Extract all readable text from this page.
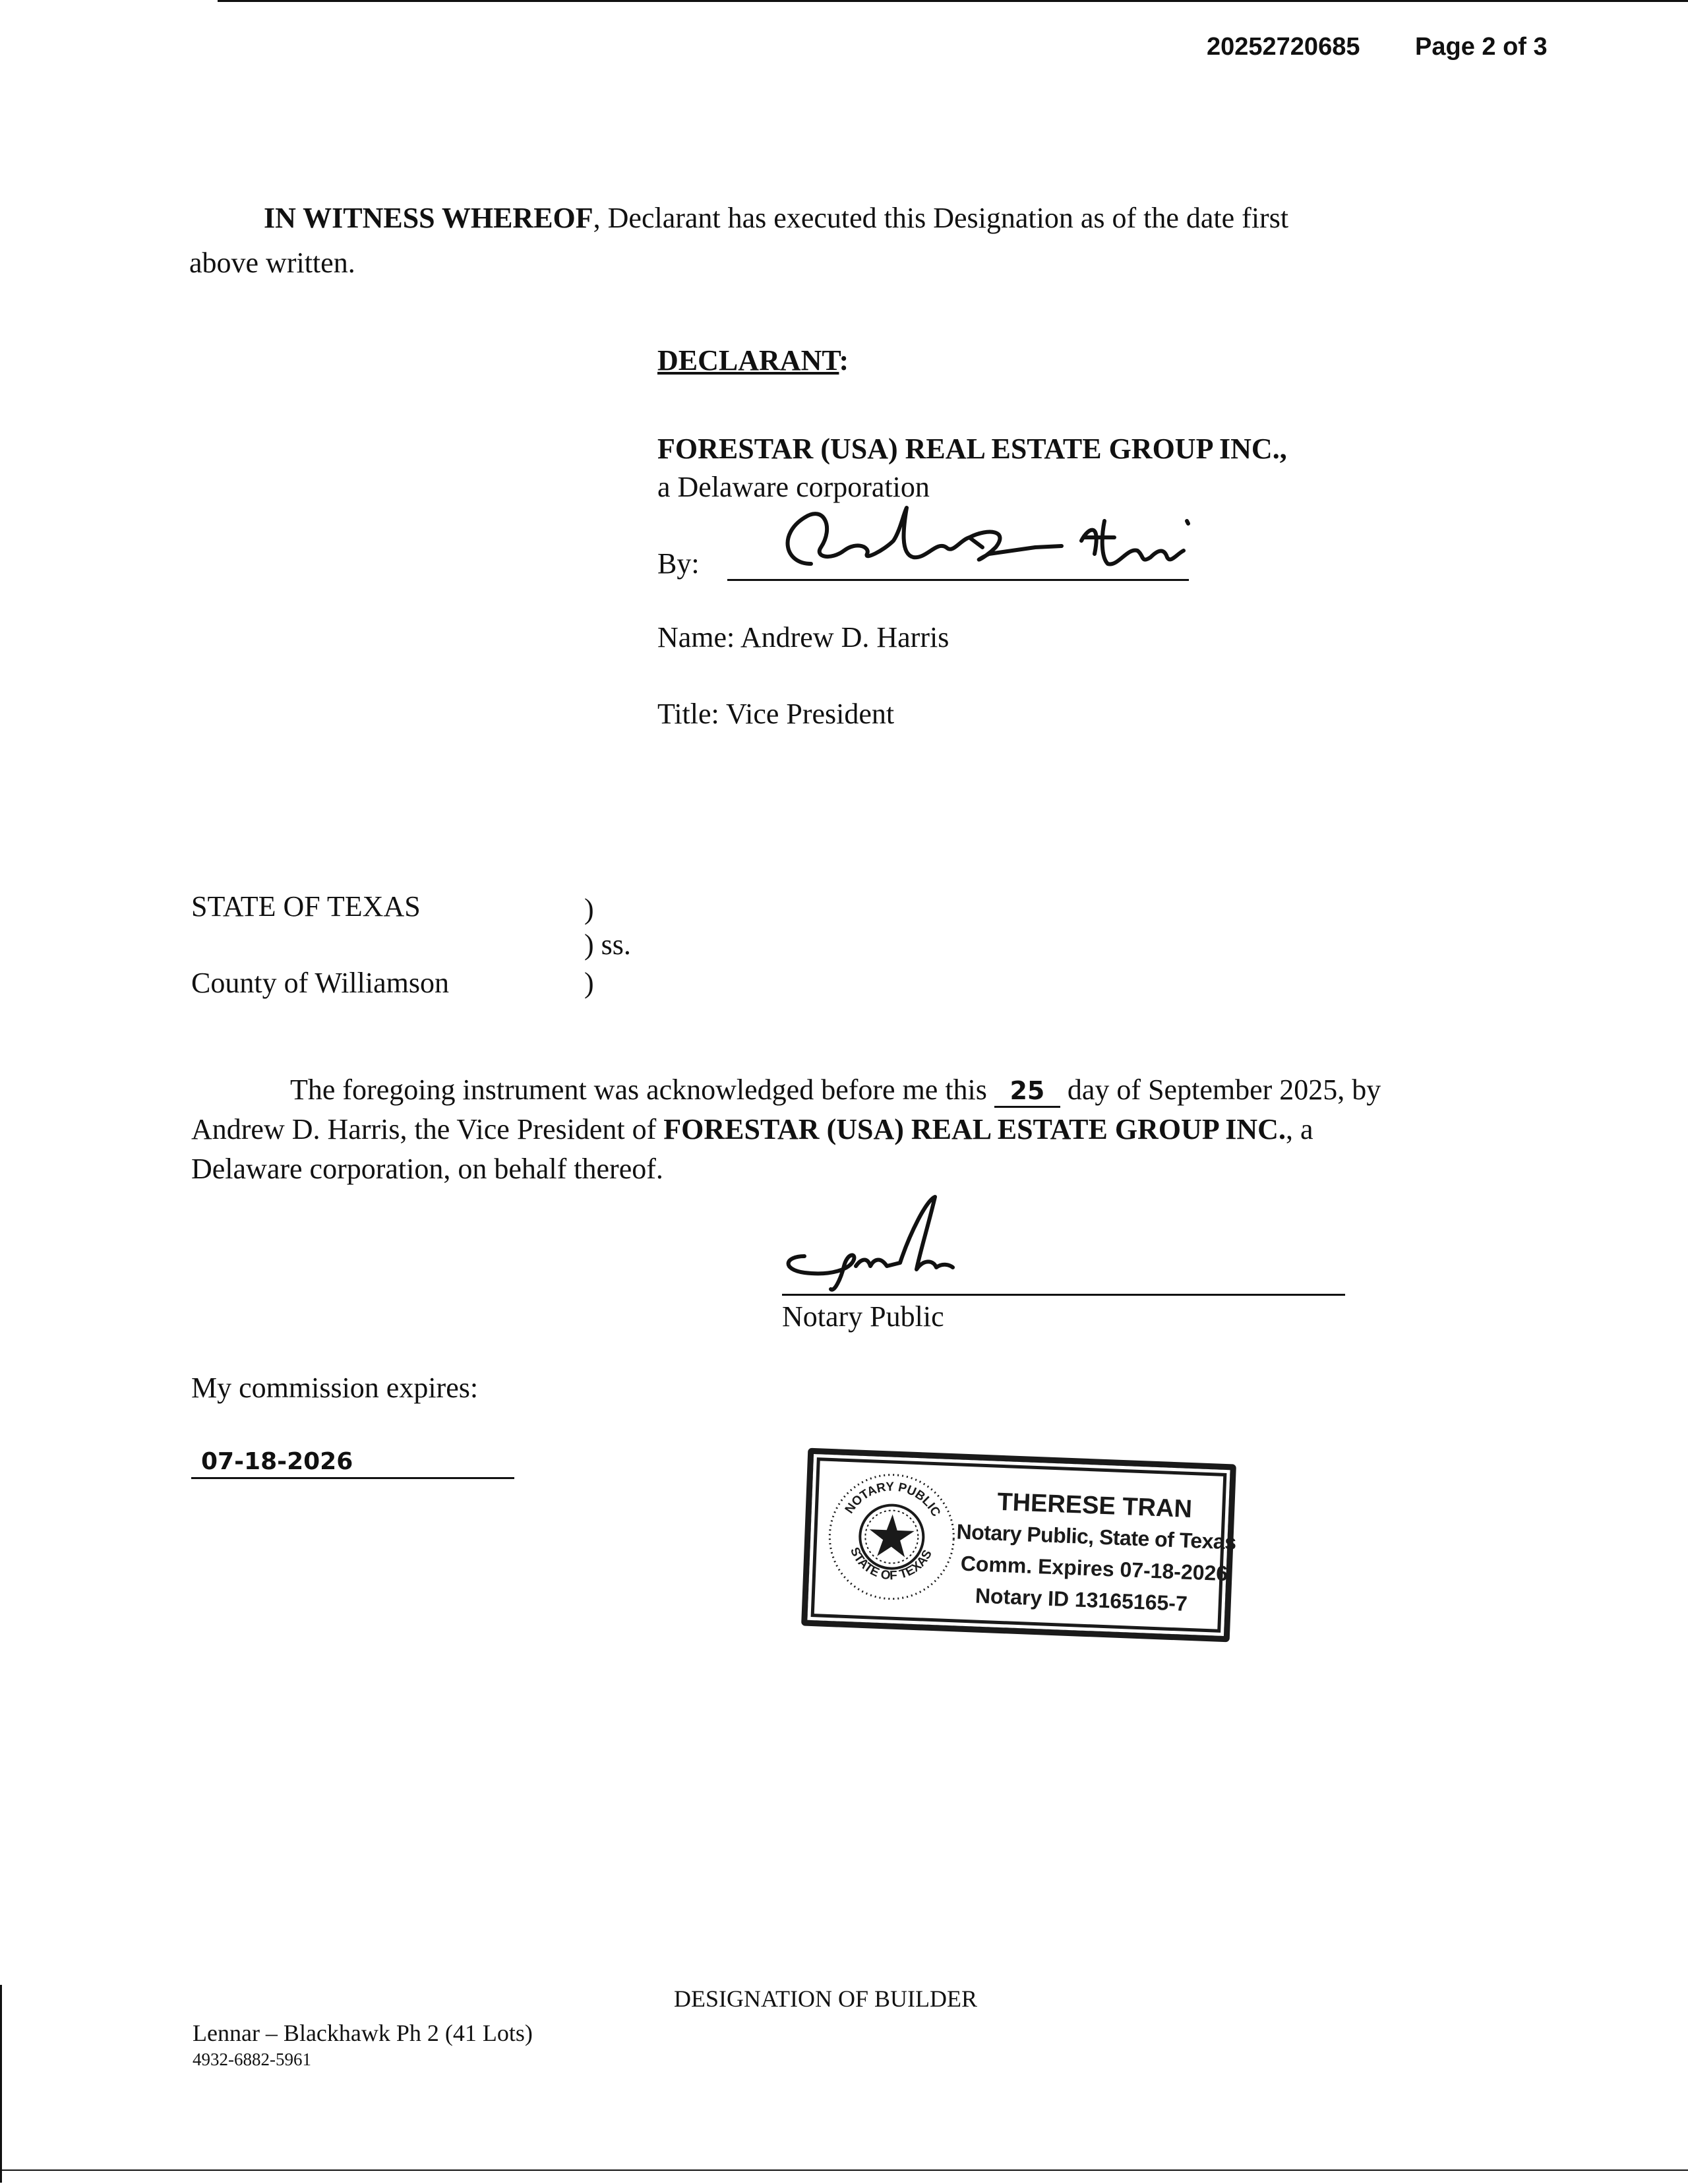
20252720685 Page 2 of 3
IN WITNESS WHEREOF, Declarant has executed this Designation as of the date first
above written.
DECLARANT:
FORESTAR (USA) REAL ESTATE GROUP INC.,
a Delaware corporation
By:
Name: Andrew D. Harris
Title: Vice President
STATE OF TEXAS	)
) ss.
County of Williamson	)
The foregoing instrument was acknowledged before me this 25 day of September 2025, by
Andrew D. Harris, the Vice President of FORESTAR (USA) REAL ESTATE GROUP INC., a
Delaware corporation, on behalf thereof.
Notary Public
My commission expires:
07-18-2026
NOTARY PUBLIC
STATE OF TEXAS
THERESE TRAN
Notary Public, State of Texas
Comm. Expires 07-18-2026
Notary ID 13165165-7
DESIGNATION OF BUILDER
Lennar – Blackhawk Ph 2 (41 Lots)
4932-6882-5961
